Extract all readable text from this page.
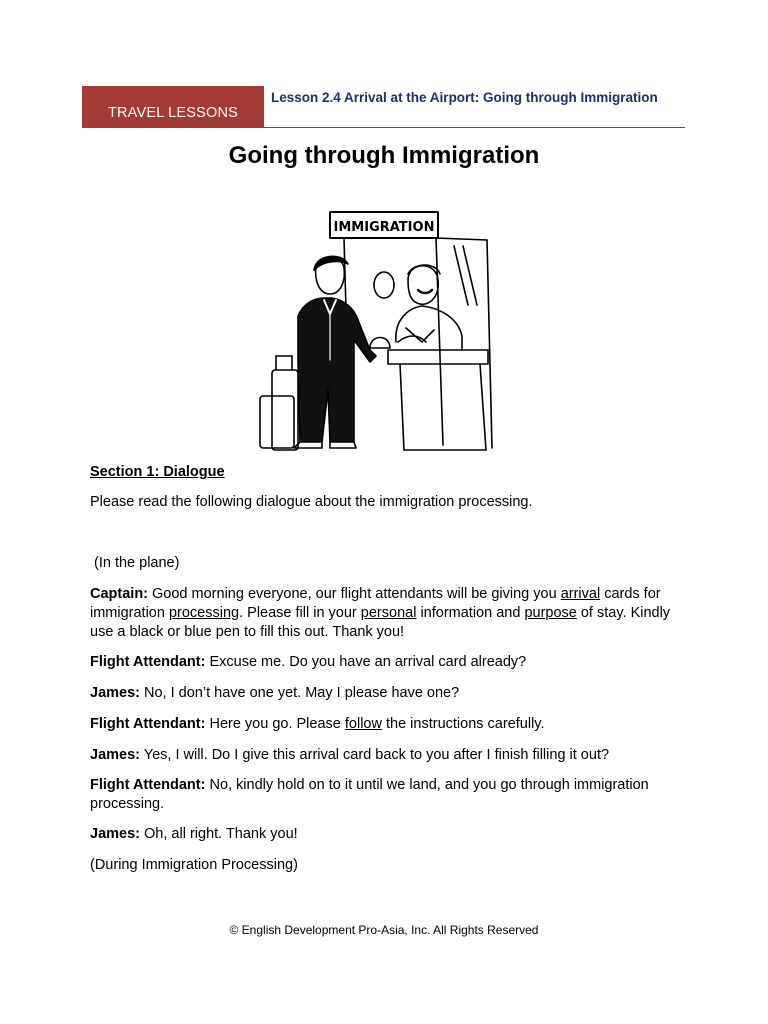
TRAVEL LESSONS
Lesson 2.4 Arrival at the Airport: Going through Immigration
Going through Immigration
IMMIGRATION
Section 1: Dialogue
Please read the following dialogue about the immigration processing.
(In the plane)
Captain: Good morning everyone, our flight attendants will be giving you arrival cards for immigration processing. Please fill in your personal information and purpose of stay. Kindly use a black or blue pen to fill this out. Thank you!
Flight Attendant: Excuse me. Do you have an arrival card already?
James: No, I don’t have one yet. May I please have one?
Flight Attendant: Here you go. Please follow the instructions carefully.
James: Yes, I will. Do I give this arrival card back to you after I finish filling it out?
Flight Attendant: No, kindly hold on to it until we land, and you go through immigration processing.
James: Oh, all right. Thank you!
(During Immigration Processing)
© English Development Pro-Asia, Inc. All Rights Reserved
